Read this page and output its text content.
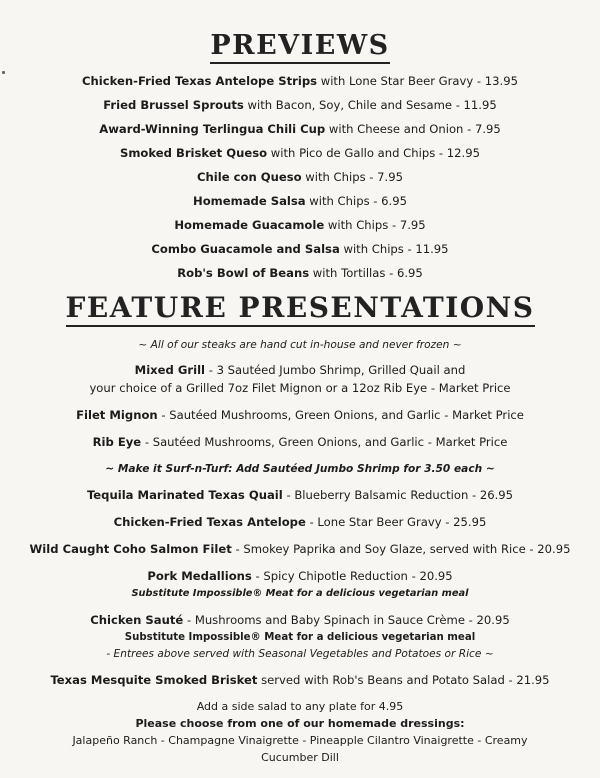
PREVIEWS
Chicken-Fried Texas Antelope Strips with Lone Star Beer Gravy - 13.95
Fried Brussel Sprouts with Bacon, Soy, Chile and Sesame - 11.95
Award-Winning Terlingua Chili Cup with Cheese and Onion - 7.95
Smoked Brisket Queso with Pico de Gallo and Chips - 12.95
Chile con Queso with Chips - 7.95
Homemade Salsa with Chips - 6.95
Homemade Guacamole with Chips - 7.95
Combo Guacamole and Salsa with Chips - 11.95
Rob's Bowl of Beans with Tortillas - 6.95
FEATURE PRESENTATIONS
~ All of our steaks are hand cut in-house and never frozen ~
Mixed Grill - 3 Sautéed Jumbo Shrimp, Grilled Quail and
your choice of a Grilled 7oz Filet Mignon or a 12oz Rib Eye - Market Price
Filet Mignon - Sautéed Mushrooms, Green Onions, and Garlic - Market Price
Rib Eye - Sautéed Mushrooms, Green Onions, and Garlic - Market Price
~ Make it Surf-n-Turf: Add Sautéed Jumbo Shrimp for 3.50 each ~
Tequila Marinated Texas Quail - Blueberry Balsamic Reduction - 26.95
Chicken-Fried Texas Antelope - Lone Star Beer Gravy - 25.95
Wild Caught Coho Salmon Filet - Smokey Paprika and Soy Glaze, served with Rice - 20.95
Pork Medallions - Spicy Chipotle Reduction - 20.95
Substitute Impossible® Meat for a delicious vegetarian meal
Chicken Sauté - Mushrooms and Baby Spinach in Sauce Crème - 20.95
Substitute Impossible® Meat for a delicious vegetarian meal
- Entrees above served with Seasonal Vegetables and Potatoes or Rice ~
Texas Mesquite Smoked Brisket served with Rob's Beans and Potato Salad - 21.95
Add a side salad to any plate for 4.95
Please choose from one of our homemade dressings:
Jalapeño Ranch - Champagne Vinaigrette - Pineapple Cilantro Vinaigrette - Creamy
Cucumber Dill
